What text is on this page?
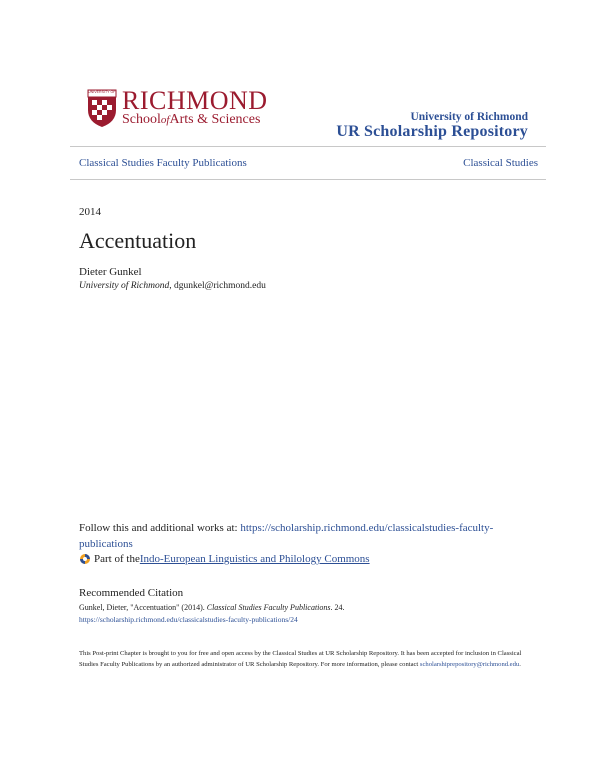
UNIVERSITY OF RICHMOND
SchoolofArts & Sciences	University of Richmond
UR Scholarship Repository
Classical Studies Faculty Publications	Classical Studies
2014
Accentuation
Dieter Gunkel
University of Richmond, dgunkel@richmond.edu
Follow this and additional works at: https://scholarship.richmond.edu/classicalstudies-faculty-publications
Part of the Indo-European Linguistics and Philology Commons
Recommended Citation
Gunkel, Dieter, "Accentuation" (2014). Classical Studies Faculty Publications. 24.
https://scholarship.richmond.edu/classicalstudies-faculty-publications/24
This Post-print Chapter is brought to you for free and open access by the Classical Studies at UR Scholarship Repository. It has been accepted for inclusion in Classical Studies Faculty Publications by an authorized administrator of UR Scholarship Repository. For more information, please contact scholarshiprepository@richmond.edu.
